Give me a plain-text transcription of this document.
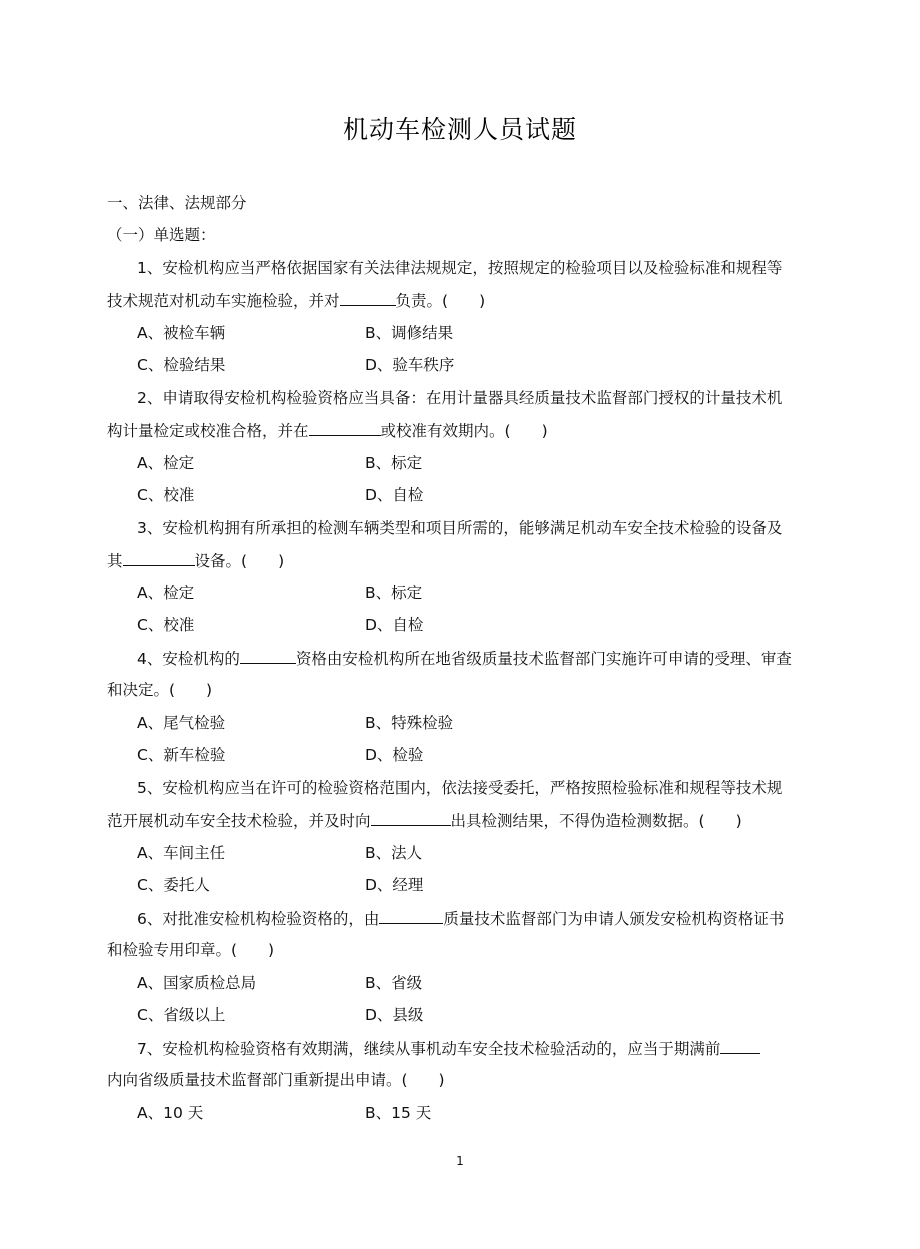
机动车检测人员试题
一、法律、法规部分
（一）单选题：
1、安检机构应当严格依据国家有关法律法规规定，按照规定的检验项目以及检验标准和规程等
技术规范对机动车实施检验，并对	负责。(　　)
A、被检车辆	B、调修结果
C、检验结果	D、验车秩序
2、申请取得安检机构检验资格应当具备：在用计量器具经质量技术监督部门授权的计量技术机
构计量检定或校准合格，并在	或校准有效期内。(　　)
A、检定	B、标定
C、校准	D、自检
3、安检机构拥有所承担的检测车辆类型和项目所需的，能够满足机动车安全技术检验的设备及
其	设备。(　　)
A、检定	B、标定
C、校准	D、自检
4、安检机构的	资格由安检机构所在地省级质量技术监督部门实施许可申请的受理、审查
和决定。(　　)
A、尾气检验	B、特殊检验
C、新车检验	D、检验
5、安检机构应当在许可的检验资格范围内，依法接受委托，严格按照检验标准和规程等技术规
范开展机动车安全技术检验，并及时向	出具检测结果，不得伪造检测数据。(　　)
A、车间主任	B、法人
C、委托人	D、经理
6、对批准安检机构检验资格的，由	质量技术监督部门为申请人颁发安检机构资格证书
和检验专用印章。(　　)
A、国家质检总局	B、省级
C、省级以上	D、县级
7、安检机构检验资格有效期满，继续从事机动车安全技术检验活动的，应当于期满前
内向省级质量技术监督部门重新提出申请。(　　)
A、10 天	B、15 天
1
